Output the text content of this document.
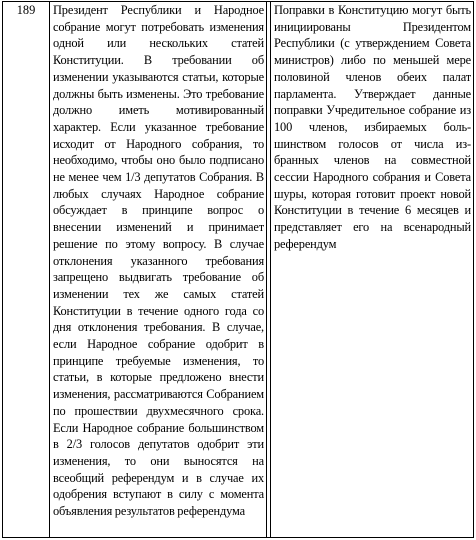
189	Президент Республики и Народное собрание могут потребовать изменения одной или нескольких статей Конституции. В требовании об изменении указываются статьи, которые должны быть изменены. Это требование должно иметь мотивированный характер. Если указанное требование исходит от Народного собрания, то необходимо, чтобы оно было подписано не менее чем 1/3 депутатов Собрания. В любых случаях Народное собрание обсуждает в принципе вопрос о внесении изменений и принимает решение по этому вопросу. В случае отклонения указанного требования запрещено выдвигать требование об изменении тех же самых статей Конституции в течение одного года со дня отклонения требования. В случае, если Народное собрание одобрит в принципе требуемые изменения, то статьи, в которые предложено внести изменения, рассматриваются Собранием по прошествии двухмесячного срока. Если Народное собрание большинством в 2/3 голосов депутатов одобрит эти изменения, то они выносятся на всеобщий референдум и в случае их одобрения вступают в силу с момента объявления результатов референдума
Поправки в Конституцию могут быть инициированы Президентом Республики (с утверждением Совета министров) либо по меньшей мере половиной членов обеих палат парламента. Утверждает данные поправки Учредительное собрание из 100 членов, избираемых боль-шинством голосов от числа из-бранных членов на совместной сессии Народного собрания и Совета шуры, которая готовит проект новой Конституции в течение 6 месяцев и представляет его на всенародный референдум
